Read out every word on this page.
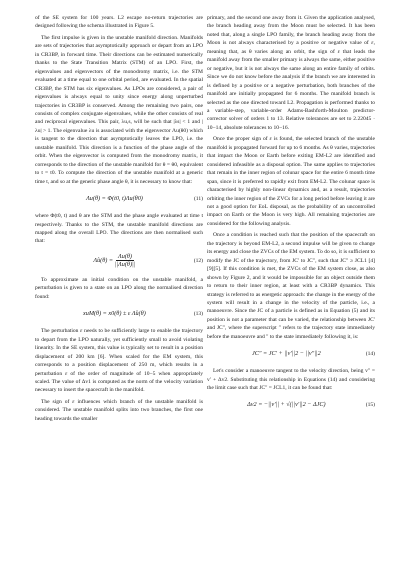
of the SE system for 100 years. L2 escape no-return trajectories are designed following the schema illustrated in Figure 5.

The first impulse is given in the unstable manifold direction. Manifolds are sets of trajectories that asymptotically approach or depart from an LPO in CR3BP, in forward time. Their directions can be estimated numerically thanks to the State Transition Matrix (STM) of an LPO. First, the eigenvalues and eigenvectors of the monodromy matrix, i.e. the STM evaluated at a time equal to one orbital period, are evaluated. In the spatial CR3BP, the STM has six eigenvalues. As LPOs are considered, a pair of eigenvalues is always equal to unity since energy along unperturbed trajectories in CR3BP is conserved. Among the remaining two pairs, one consists of complex conjugate eigenvalues, while the other consists of real and reciprocal eigenvalues. This pair, λu,s, will be such that |λs| < 1 and |λu| > 1. The eigenvalue λu is associated with the eigenvector Λu(θ0) which is tangent to the direction that asymptotically leaves the LPO, i.e. the unstable manifold. This direction is a function of the phase angle of the orbit. When the eigenvector is computed from the monodromy matrix, it corresponds to the direction of the unstable manifold for θ = θ0, equivalent to t = t0. To compute the direction of the unstable manifold at a generic time t, and so at the generic phase angle θ, it is necessary to know that:

Λu(θ) = Φ(t0, t)Λu(θ0)	(11)

where Φ(t0, t) and θ are the STM and the phase angle evaluated at time t respectively. Thanks to the STM, the unstable manifold directions are mapped along the overall LPO. The directions are then normalised such that:

Λ̂u(θ) = $\frac{\Lambda u(\theta)}{||\Lambda u(\theta)||}$	(12)

To approximate an initial condition on the unstable manifold, a perturbation is given to a state on an LPO along the normalised direction found:

xuM(θ) = x0(θ) ± ε Λ̂u(θ)	(13)

The perturbation ε needs to be sufficiently large to enable the trajectory to depart from the LPO naturally, yet sufficiently small to avoid violating linearity. In the SE system, this value is typically set to result in a position displacement of 200 km [6]. When scaled for the EM system, this corresponds to a position displacement of 250 m, which results in a perturbation ε of the order of magnitude of 10−5 when appropriately scaled. The value of Δv1 is computed as the norm of the velocity variation necessary to insert the spacecraft in the manifold.

The sign of ε influences which branch of the unstable manifold is considered. The unstable manifold splits into two branches, the first one heading towards the smaller

primary, and the second one away from it. Given the application analysed, the branch heading away from the Moon must be selected. It has been noted that, along a single LPO family, the branch heading away from the Moon is not always characterised by a positive or negative value of ε, meaning that, as θ varies along an orbit, the sign of ε that leads the manifold away from the smaller primary is always the same, either positive or negative, but it is not always the same along an entire family of orbits. Since we do not know before the analysis if the branch we are interested in is defined by a positive or a negative perturbation, both branches of the manifold are initially propagated for 6 months. The manifold branch is selected as the one directed toward L2. Propagation is performed thanks to a variable-step, variable-order Adams-Bashforth-Moulton predictor-corrector solver of orders 1 to 13. Relative tolerances are set to 2.22045 · 10−14, absolute tolerances to 10−16.

Once the proper sign of ε is found, the selected branch of the unstable manifold is propagated forward for up to 6 months. As θ varies, trajectories that impact the Moon or Earth before exiting EM-L2 are identified and considered infeasible as a disposal option. The same applies to trajectories that remain in the inner region of colunar space for the entire 6 month time span, since it is preferred to rapidly exit from EM-L2. The colunar space is characterised by highly non-linear dynamics and, as a result, trajectories orbiting the inner region of the ZVCs for a long period before leaving it are not a good option for EoL disposal, as the probability of an uncontrolled impact on Earth or the Moon is very high. All remaining trajectories are considered for the following analysis.

Once a condition is reached such that the position of the spacecraft on the trajectory is beyond EM-L2, a second impulse will be given to change its energy and close the ZVCs of the EM system. To do so, it is sufficient to modify the JC of the trajectory, from JC′ to JC″, such that JC″ ≥ JCL1 [4][9][5]. If this condition is met, the ZVCs of the EM system close, as also shown by Figure 2, and it would be impossible for an object outside them to return to their inner region, at least with a CR3BP dynamics. This strategy is referred to as energetic approach: the change in the energy of the system will result in a change in the velocity of the particle, i.e., a manoeuvre. Since the JC of a particle is defined as in Equation (5) and its position is not a parameter that can be varied, the relationship between JC′ and JC″, where the superscript ″ refers to the trajectory state immediately before the manoeuvre and ″ to the state immediately following it, is:

JC″ = JC′ + ||v′||2 − ||v″||2	(14)

Let's consider a manoeuvre tangent to the velocity direction, being v″ = v′ + Δv2. Substituting this relationship in Equations (14) and considering the limit case such that JC″ = JCL1, it can be found that:

Δv2 = −||v′|| + √(||v′||2 − ΔJC)	(15)
